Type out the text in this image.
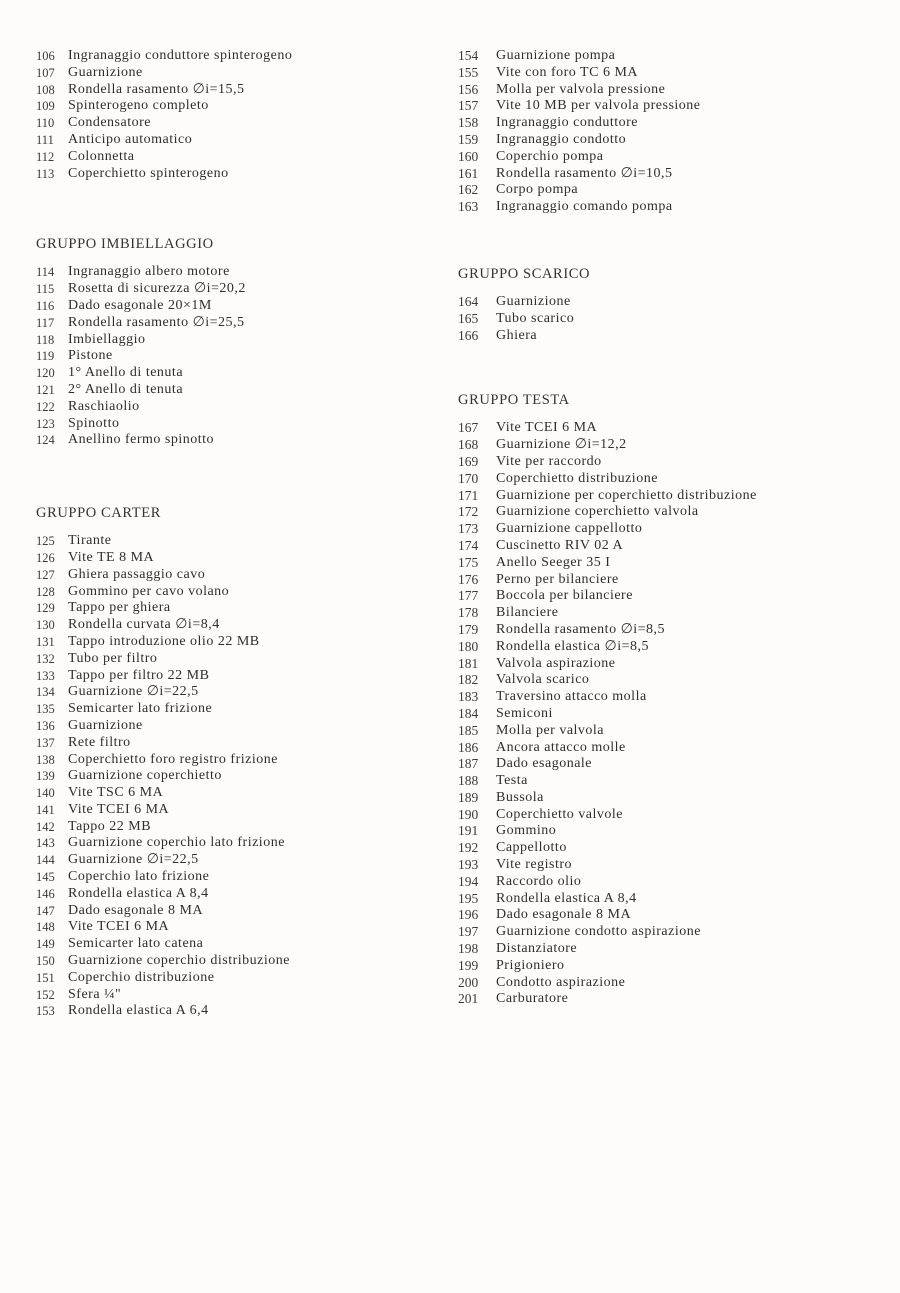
106 Ingranaggio conduttore spinterogeno
107 Guarnizione
108 Rondella rasamento ∅i=15,5
109 Spinterogeno completo
110 Condensatore
111	Anticipo automatico
112 Colonnetta
113 Coperchietto spinterogeno
GRUPPO IMBIELLAGGIO
114 Ingranaggio albero motore
115 Rosetta di sicurezza ∅i=20,2
116 Dado esagonale 20×1M
117 Rondella rasamento ∅i=25,5
118 Imbiellaggio
119 Pistone
120 1° Anello di tenuta
121 2° Anello di tenuta
122 Raschiaolio
123 Spinotto
124 Anellino fermo spinotto
GRUPPO CARTER
125 Tirante
126 Vite TE 8 MA
127 Ghiera passaggio cavo
128 Gommino per cavo volano
129 Tappo per ghiera
130 Rondella curvata ∅i=8,4
131 Tappo introduzione olio 22 MB
132 Tubo per filtro
133 Tappo per filtro 22 MB
134 Guarnizione ∅i=22,5
135 Semicarter lato frizione
136 Guarnizione
137 Rete filtro
138 Coperchietto foro registro frizione
139 Guarnizione coperchietto
140 Vite TSC 6 MA
141 Vite TCEI 6 MA
142 Tappo 22 MB
143 Guarnizione coperchio lato frizione
144 Guarnizione ∅i=22,5
145 Coperchio lato frizione
146 Rondella elastica A 8,4
147 Dado esagonale 8 MA
148 Vite TCEI 6 MA
149 Semicarter lato catena
150 Guarnizione coperchio distribuzione
151 Coperchio distribuzione
152 Sfera ¼"
153 Rondella elastica A 6,4
154	Guarnizione pompa
155	Vite con foro TC 6 MA
156	Molla per valvola pressione
157	Vite 10 MB per valvola pressione
158	Ingranaggio conduttore
159	Ingranaggio condotto
160	Coperchio pompa
161	Rondella rasamento ∅i=10,5
162	Corpo pompa
163	Ingranaggio comando pompa
GRUPPO SCARICO
164	Guarnizione
165	Tubo scarico
166	Ghiera
GRUPPO TESTA
167	Vite TCEI 6 MA
168	Guarnizione ∅i=12,2
169	Vite per raccordo
170	Coperchietto distribuzione
171	Guarnizione per coperchietto distribuzione
172	Guarnizione coperchietto valvola
173	Guarnizione cappellotto
174	Cuscinetto RIV 02 A
175	Anello Seeger 35 I
176	Perno per bilanciere
177	Boccola per bilanciere
178	Bilanciere
179	Rondella rasamento ∅i=8,5
180	Rondella elastica ∅i=8,5
181	Valvola aspirazione
182	Valvola scarico
183	Traversino attacco molla
184	Semiconi
185	Molla per valvola
186	Ancora attacco molle
187	Dado esagonale
188	Testa
189	Bussola
190	Coperchietto valvole
191	Gommino
192	Cappellotto
193	Vite registro
194	Raccordo olio
195	Rondella elastica A 8,4
196	Dado esagonale 8 MA
197	Guarnizione condotto aspirazione
198	Distanziatore
199	Prigioniero
200	Condotto aspirazione
201	Carburatore
